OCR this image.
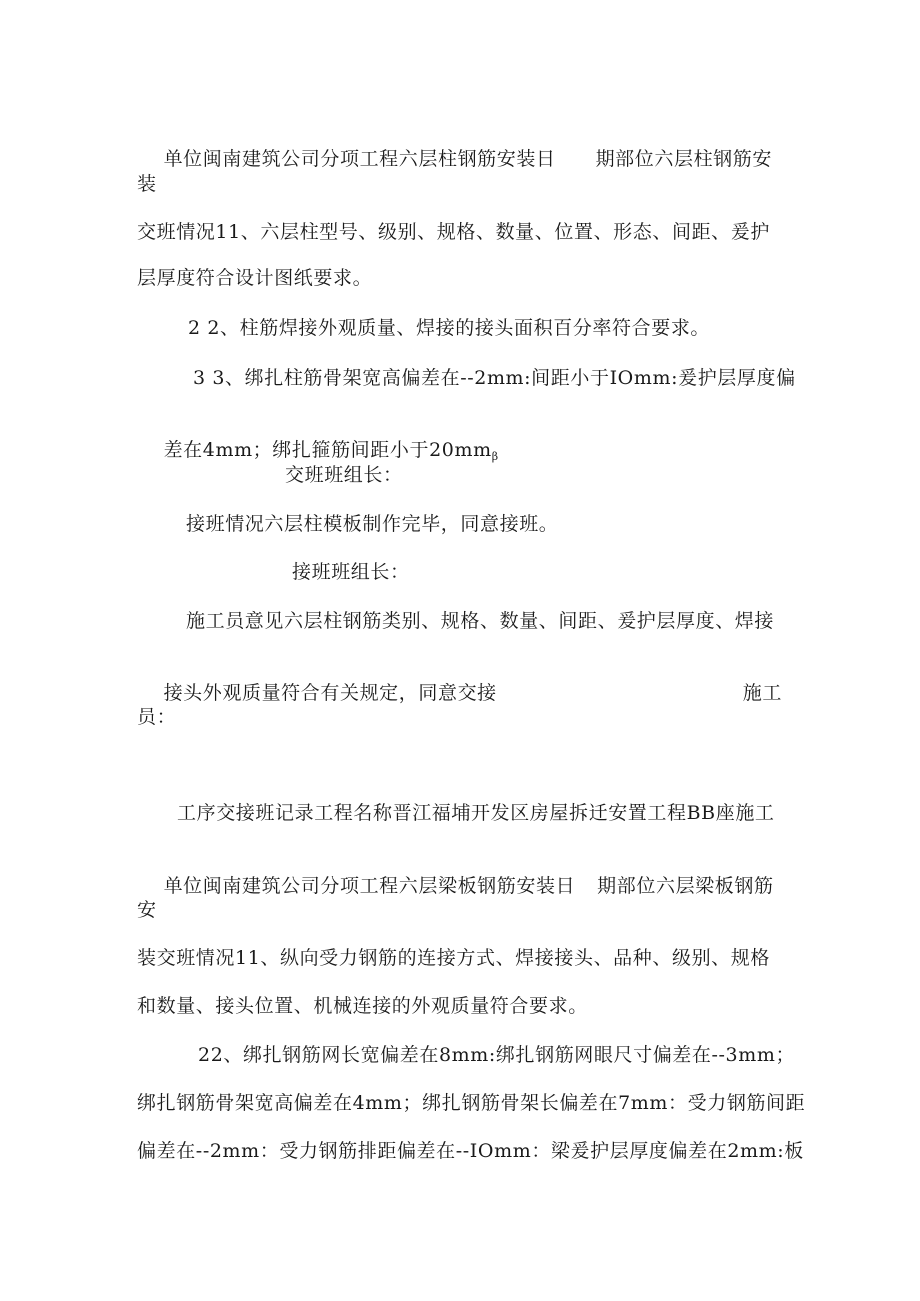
单位闽南建筑公司分项工程六层柱钢筋安装日 期部位六层柱钢筋安

装
交班情况11、六层柱型号、级别、规格、数量、位置、形态、间距、爰护
层厚度符合设计图纸要求。
2 2、柱筋焊接外观质量、焊接的接头面积百分率符合要求。
3 3、绑扎柱筋骨架宽高偏差在--2mm:间距小于IOmm:爰护层厚度偏

差在4mm；绑扎箍筋间距小于$20mm_\beta$

交班班组长：
接班情况六层柱模板制作完毕，同意接班。
接班班组长：
施工员意见六层柱钢筋类别、规格、数量、间距、爰护层厚度、焊接

接头外观质量符合有关规定，同意交接	施工

员：
工序交接班记录工程名称晋江福埔开发区房屋拆迁安置工程BB座施工

单位闽南建筑公司分项工程六层梁板钢筋安装日 期部位六层梁板钢筋

安
装交班情况11、纵向受力钢筋的连接方式、焊接接头、品种、级别、规格
和数量、接头位置、机械连接的外观质量符合要求。
22、绑扎钢筋网长宽偏差在8mm:绑扎钢筋网眼尺寸偏差在--3mm；
绑扎钢筋骨架宽高偏差在4mm；绑扎钢筋骨架长偏差在7mm：受力钢筋间距
偏差在--2mm：受力钢筋排距偏差在--IOmm：梁爰护层厚度偏差在2mm:板
